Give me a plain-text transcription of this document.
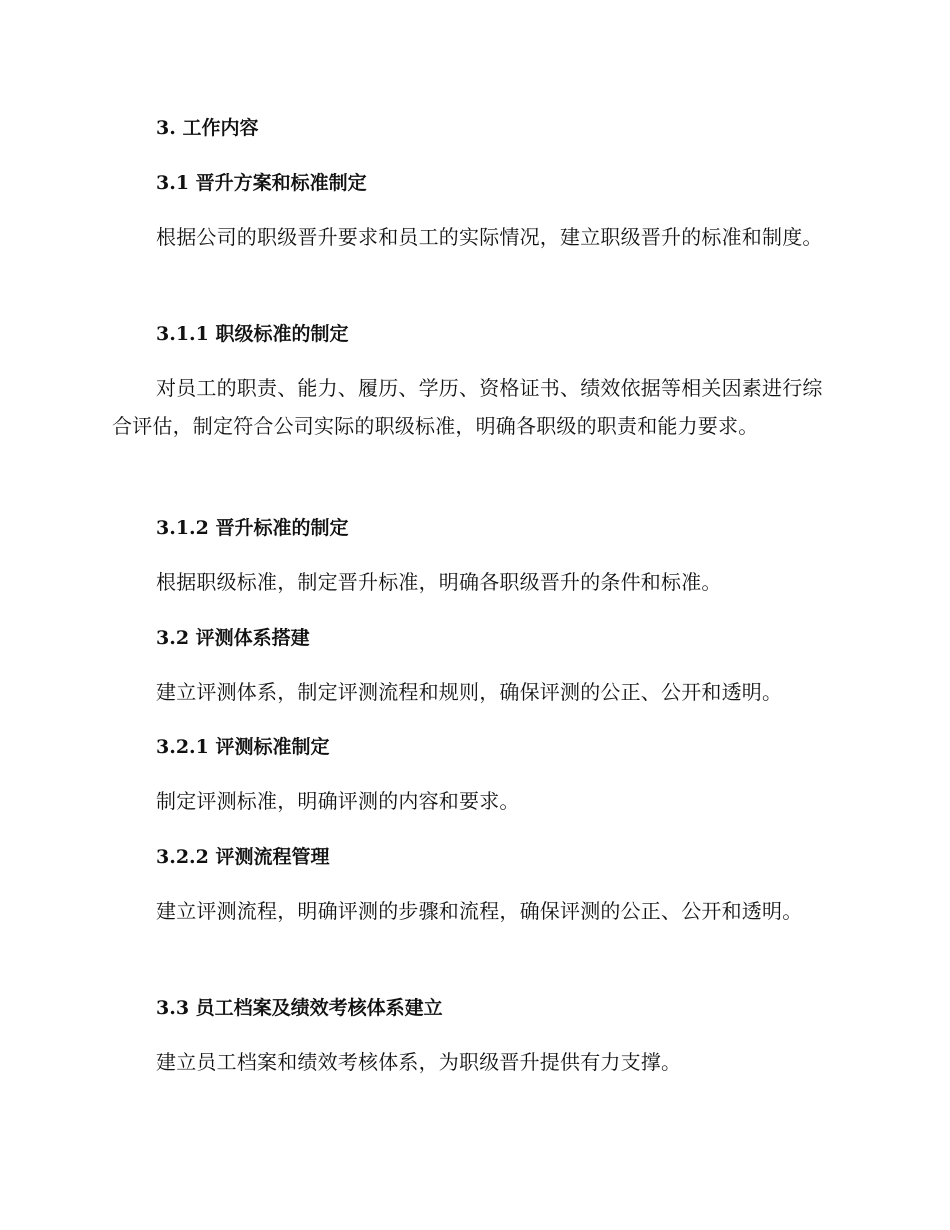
3. 工作内容

3.1 晋升方案和标准制定

根据公司的职级晋升要求和员工的实际情况，建立职级晋升的标准和制度。

3.1.1 职级标准的制定

对员工的职责、能力、履历、学历、资格证书、绩效依据等相关因素进行综合评估，制定符合公司实际的职级标准，明确各职级的职责和能力要求。

3.1.2 晋升标准的制定

根据职级标准，制定晋升标准，明确各职级晋升的条件和标准。

3.2 评测体系搭建

建立评测体系，制定评测流程和规则，确保评测的公正、公开和透明。

3.2.1 评测标准制定

制定评测标准，明确评测的内容和要求。

3.2.2 评测流程管理

建立评测流程，明确评测的步骤和流程，确保评测的公正、公开和透明。

3.3 员工档案及绩效考核体系建立

建立员工档案和绩效考核体系，为职级晋升提供有力支撑。
